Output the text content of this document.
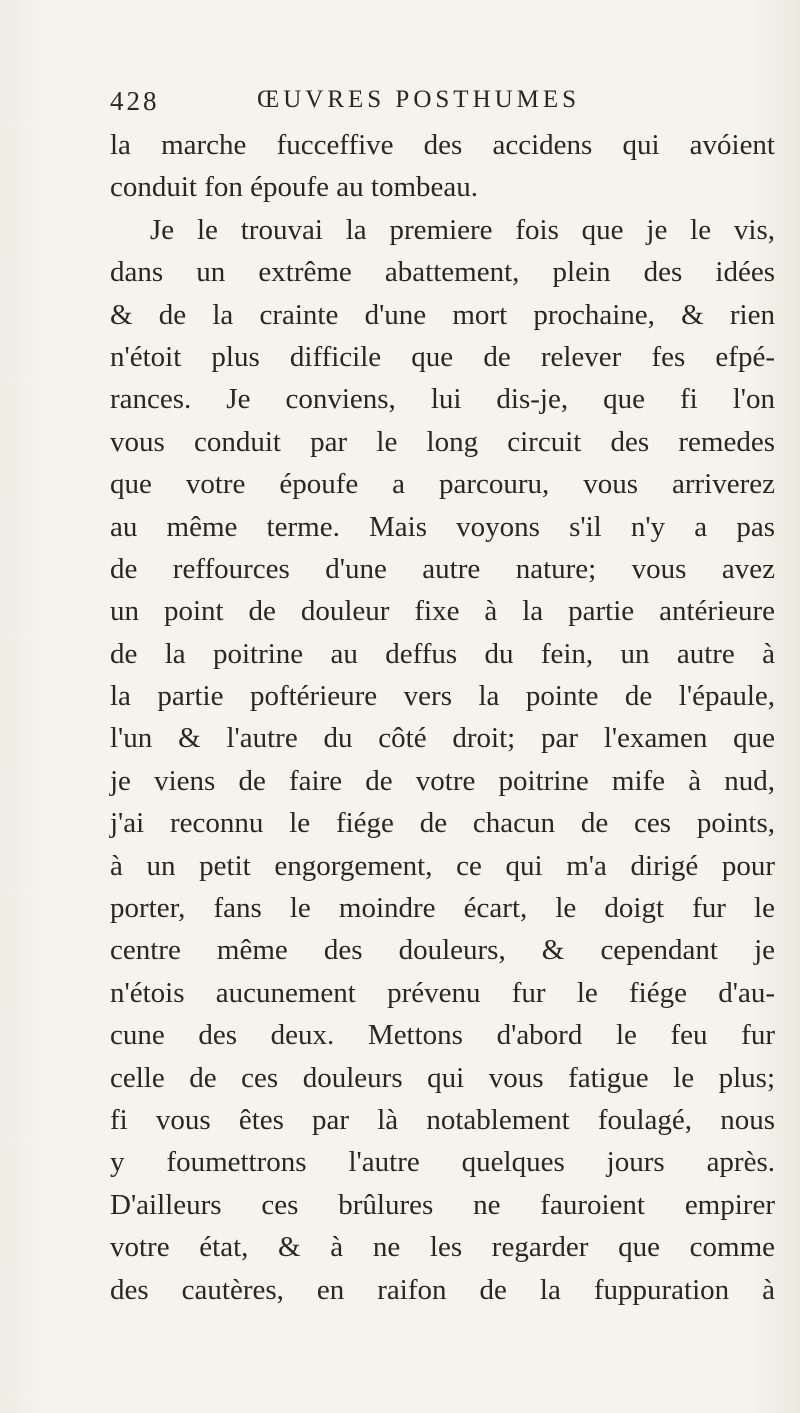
428	ŒUVRES POSTHUMES
la marche fucceffive des accidens qui avóient
conduit fon époufe au tombeau.
Je le trouvai la premiere fois que je le vis,
dans un extrême abattement, plein des idées
& de la crainte d'une mort prochaine, & rien
n'étoit plus difficile que de relever fes efpé-
rances. Je conviens, lui dis-je, que fi l'on
vous conduit par le long circuit des remedes
que votre époufe a parcouru, vous arriverez
au même terme. Mais voyons s'il n'y a pas
de reffources d'une autre nature; vous avez
un point de douleur fixe à la partie antérieure
de la poitrine au deffus du fein, un autre à
la partie poftérieure vers la pointe de l'épaule,
l'un & l'autre du côté droit; par l'examen que
je viens de faire de votre poitrine mife à nud,
j'ai reconnu le fiége de chacun de ces points,
à un petit engorgement, ce qui m'a dirigé pour
porter, fans le moindre écart, le doigt fur le
centre même des douleurs, & cependant je
n'étois aucunement prévenu fur le fiége d'au-
cune des deux. Mettons d'abord le feu fur
celle de ces douleurs qui vous fatigue le plus;
fi vous êtes par là notablement foulagé, nous
y foumettrons l'autre quelques jours après.
D'ailleurs ces brûlures ne fauroient empirer
votre état, & à ne les regarder que comme
des cautères, en raifon de la fuppuration à
